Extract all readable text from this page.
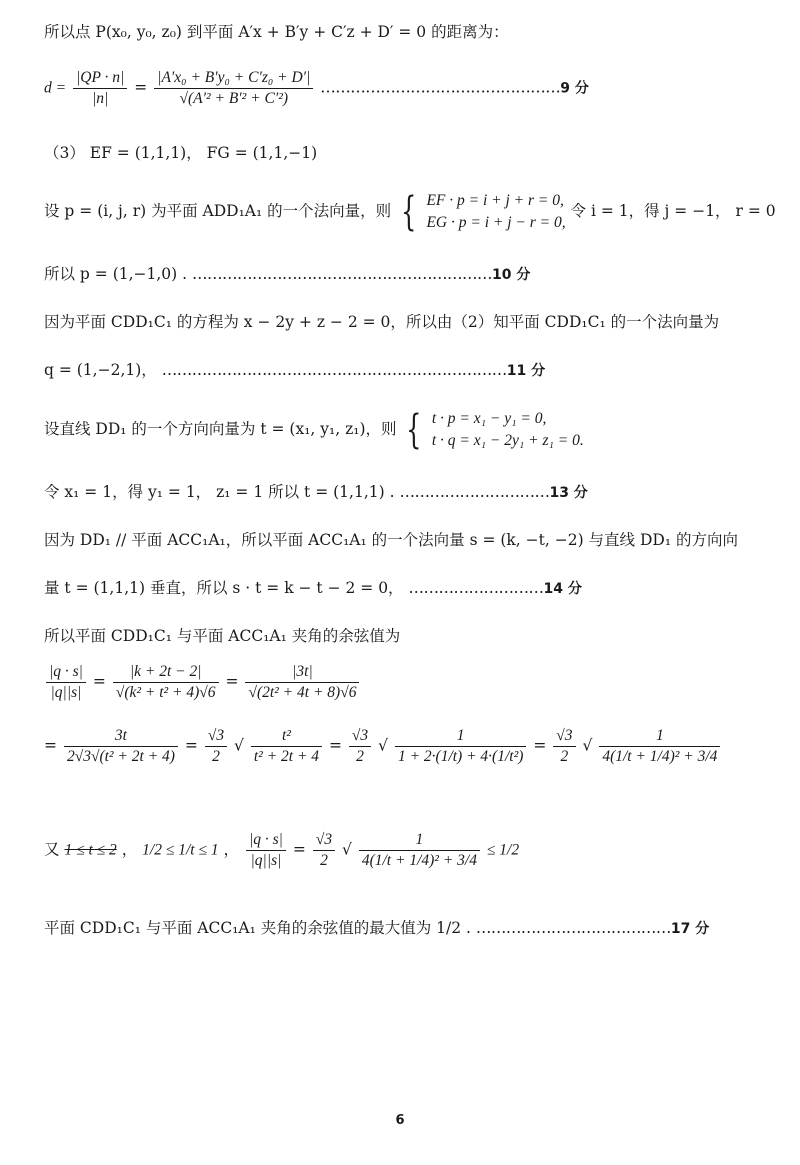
所以点 P(x₀, y₀, z₀) 到平面 A′x + B′y + C′z + D′ = 0 的距离为：
$d = \frac{|QP \cdot n|}{|n|} = \frac{\text{|A′x₀ + B′y₀ + C′z₀ + D′|}}{\text{√(A′² + B′² + C′²)}}$ …………………………………………9 分
（3） EF = (1,1,1)， FG = (1,1,−1)
设 p = (i, j, r) 为平面 ADD₁A₁ 的一个法向量，则 { EF · p = i + j + r = 0,
EG · p = i + j − r = 0,
令 i = 1，得 j = −1， r = 0
所以 p = (1,−1,0) . ……………………………………………………10 分
因为平面 CDD₁C₁ 的方程为 x − 2y + z − 2 = 0，所以由（2）知平面 CDD₁C₁ 的一个法向量为
q = (1,−2,1)， ……………………………………………………………11 分
设直线 DD₁ 的一个方向向量为 t = (x₁, y₁, z₁)，则 { t · p = x₁ − y₁ = 0,
t · q = x₁ − 2y₁ + z₁ = 0.
令 x₁ = 1，得 y₁ = 1， z₁ = 1 所以 t = (1,1,1) . …………………………13 分
因为 DD₁ // 平面 ACC₁A₁，所以平面 ACC₁A₁ 的一个法向量 s = (k, −t, −2) 与直线 DD₁ 的方向向
量 t = (1,1,1) 垂直，所以 s · t = k − t − 2 = 0， ………………………14 分
所以平面 CDD₁C₁ 与平面 ACC₁A₁ 夹角的余弦值为
$\frac{|q \cdot s|}{|q||s|} = \frac{|k + 2t - 2|}{\text{√(k² + t² + 4)√6}} = \frac{|3t|}{\text{√(2t² + 4t + 8)√6}}$
= $\frac{3t}{\text{2√3√(t² + 2t + 4)}} = \frac{√3}{2}$ √ $\frac{\text{t²}}{\text{t² + 2t + 4}} = \frac{√3}{2}$ √ $\frac{1}{\text{1 + 2·(1/t) + 4·(1/t²)}} = \frac{√3}{2}$ √ $\frac{1}{\text{4(1/t + 1/4)² + 3/4}}$
又 1 ≤ t ≤ 2 ， 1/2 ≤ 1/t ≤ 1 ， $\frac{|q \cdot s|}{|q||s|} = \frac{√3}{2}$ √ $\frac{1}{\text{4(1/t + 1/4)² + 3/4}} \le 1/2$
平面 CDD₁C₁ 与平面 ACC₁A₁ 夹角的余弦值的最大值为 1/2 . …………………………………17 分
6
